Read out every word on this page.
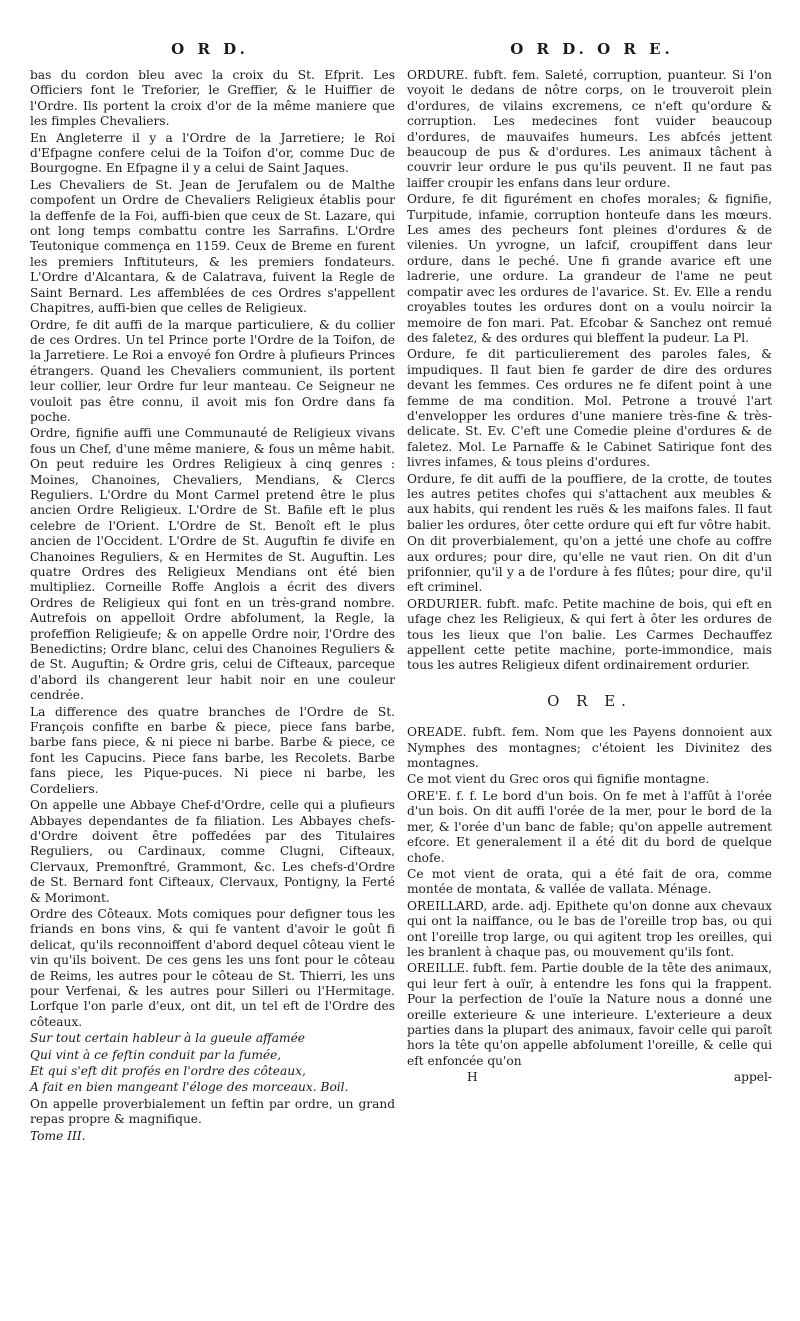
O R D.	O R D. O R E.

bas du cordon bleu avec la croix du St. Efprit. Les Officiers font le Treforier, le Greffier, & le Huiffier de l'Ordre. Ils portent la croix d'or de la même maniere que les fimples Chevaliers.

En Angleterre il y a l'Ordre de la Jarretiere; le Roi d'Efpagne confere celui de la Toifon d'or, comme Duc de Bourgogne. En Efpagne il y a celui de Saint Jaques.

Les Chevaliers de St. Jean de Jerufalem ou de Malthe compofent un Ordre de Chevaliers Religieux établis pour la deffenfe de la Foi, auffi-bien que ceux de St. Lazare, qui ont long temps combattu contre les Sarrafins. L'Ordre Teutonique commença en 1159. Ceux de Breme en furent les premiers Inftituteurs, & les premiers fondateurs. L'Ordre d'Alcantara, & de Calatrava, fuivent la Regle de Saint Bernard. Les affemblées de ces Ordres s'appellent Chapitres, auffi-bien que celles de Religieux.

Ordre, fe dit auffi de la marque particuliere, & du collier de ces Ordres. Un tel Prince porte l'Ordre de la Toifon, de la Jarretiere. Le Roi a envoyé fon Ordre à plufieurs Princes étrangers. Quand les Chevaliers communient, ils portent leur collier, leur Ordre fur leur manteau. Ce Seigneur ne vouloit pas être connu, il avoit mis fon Ordre dans fa poche.

Ordre, fignifie auffi une Communauté de Religieux vivans fous un Chef, d'une même maniere, & fous un même habit. On peut reduire les Ordres Religieux à cinq genres : Moines, Chanoines, Chevaliers, Mendians, & Clercs Reguliers. L'Ordre du Mont Carmel pretend être le plus ancien Ordre Religieux. L'Ordre de St. Bafile eft le plus celebre de l'Orient. L'Ordre de St. Benoît eft le plus ancien de l'Occident. L'Ordre de St. Auguftin fe divife en Chanoines Reguliers, & en Hermites de St. Auguftin. Les quatre Ordres des Religieux Mendians ont été bien multipliez. Corneille Roffe Anglois a écrit des divers Ordres de Religieux qui font en un très-grand nombre. Autrefois on appelloit Ordre abfolument, la Regle, la profeffion Religieufe; & on appelle Ordre noir, l'Ordre des Benedictins; Ordre blanc, celui des Chanoines Reguliers & de St. Auguftin; & Ordre gris, celui de Cifteaux, parceque d'abord ils changerent leur habit noir en une couleur cendrée.

La difference des quatre branches de l'Ordre de St. François confifte en barbe & piece, piece fans barbe, barbe fans piece, & ni piece ni barbe. Barbe & piece, ce font les Capucins. Piece fans barbe, les Recolets. Barbe fans piece, les Pique-puces. Ni piece ni barbe, les Cordeliers.

On appelle une Abbaye Chef-d'Ordre, celle qui a plufieurs Abbayes dependantes de fa filiation. Les Abbayes chefs-d'Ordre doivent être poffedées par des Titulaires Reguliers, ou Cardinaux, comme Clugni, Cifteaux, Clervaux, Premonftré, Grammont, &c. Les chefs-d'Ordre de St. Bernard font Cifteaux, Clervaux, Pontigny, la Ferté & Morimont.

Ordre des Côteaux. Mots comiques pour defigner tous les friands en bons vins, & qui fe vantent d'avoir le goût fi delicat, qu'ils reconnoiffent d'abord dequel côteau vient le vin qu'ils boivent. De ces gens les uns font pour le côteau de Reims, les autres pour le côteau de St. Thierri, les uns pour Verfenai, & les autres pour Silleri ou l'Hermitage. Lorfque l'on parle d'eux, ont dit, un tel eft de l'Ordre des côteaux.

Sur tout certain hableur à la gueule affamée

Qui vint à ce feftin conduit par la fumée,

Et qui s'eft dit profés en l'ordre des côteaux,

A fait en bien mangeant l'éloge des morceaux. Boil.

On appelle proverbialement un feftin par ordre, un grand repas propre & magnifique.

Tome III.

ORDURE. fubft. fem. Saleté, corruption, puanteur. Si l'on voyoit le dedans de nôtre corps, on le trouveroit plein d'ordures, de vilains excremens, ce n'eft qu'ordure & corruption. Les medecines font vuider beaucoup d'ordures, de mauvaifes humeurs. Les abfcés jettent beaucoup de pus & d'ordures. Les animaux tâchent à couvrir leur ordure le pus qu'ils peuvent. Il ne faut pas laiffer croupir les enfans dans leur ordure.

Ordure, fe dit figurément en chofes morales; & fignifie, Turpitude, infamie, corruption honteufe dans les mœurs. Les ames des pecheurs font pleines d'ordures & de vilenies. Un yvrogne, un lafcif, croupiffent dans leur ordure, dans le peché. Une fi grande avarice eft une ladrerie, une ordure. La grandeur de l'ame ne peut compatir avec les ordures de l'avarice. St. Ev. Elle a rendu croyables toutes les ordures dont on a voulu noircir la memoire de fon mari. Pat. Efcobar & Sanchez ont remué des faletez, & des ordures qui bleffent la pudeur. La Pl.

Ordure, fe dit particulierement des paroles fales, & impudiques. Il faut bien fe garder de dire des ordures devant les femmes. Ces ordures ne fe difent point à une femme de ma condition. Mol. Petrone a trouvé l'art d'envelopper les ordures d'une maniere très-fine & très-delicate. St. Ev. C'eft une Comedie pleine d'ordures & de faletez. Mol. Le Parnaffe & le Cabinet Satirique font des livres infames, & tous pleins d'ordures.

Ordure, fe dit auffi de la pouffiere, de la crotte, de toutes les autres petites chofes qui s'attachent aux meubles & aux habits, qui rendent les ruës & les maifons fales. Il faut balier les ordures, ôter cette ordure qui eft fur vôtre habit.

On dit proverbialement, qu'on a jetté une chofe au coffre aux ordures; pour dire, qu'elle ne vaut rien. On dit d'un prifonnier, qu'il y a de l'ordure à fes flûtes; pour dire, qu'il eft criminel.

ORDURIER. fubft. mafc. Petite machine de bois, qui eft en ufage chez les Religieux, & qui fert à ôter les ordures de tous les lieux que l'on balie. Les Carmes Dechauffez appellent cette petite machine, porte-immondice, mais tous les autres Religieux difent ordinairement ordurier.

O R E.

OREADE. fubft. fem. Nom que les Payens donnoient aux Nymphes des montagnes; c'étoient les Divinitez des montagnes.

Ce mot vient du Grec oros qui fignifie montagne.

ORE'E. f. f. Le bord d'un bois. On fe met à l'affût à l'orée d'un bois. On dit auffi l'orée de la mer, pour le bord de la mer, & l'orée d'un banc de fable; qu'on appelle autrement efcore. Et generalement il a été dit du bord de quelque chofe.

Ce mot vient de orata, qui a été fait de ora, comme montée de montata, & vallée de vallata. Ménage.

OREILLARD, arde. adj. Epithete qu'on donne aux chevaux qui ont la naiffance, ou le bas de l'oreille trop bas, ou qui ont l'oreille trop large, ou qui agitent trop les oreilles, qui les branlent à chaque pas, ou mouvement qu'ils font.

OREILLE. fubft. fem. Partie double de la tête des animaux, qui leur fert à ouïr, à entendre les fons qui la frappent. Pour la perfection de l'ouïe la Nature nous a donné une oreille exterieure & une interieure. L'exterieure a deux parties dans la plupart des animaux, favoir celle qui paroît hors la tête qu'on appelle abfolument l'oreille, & celle qui eft enfoncée qu'on

H	appel-
